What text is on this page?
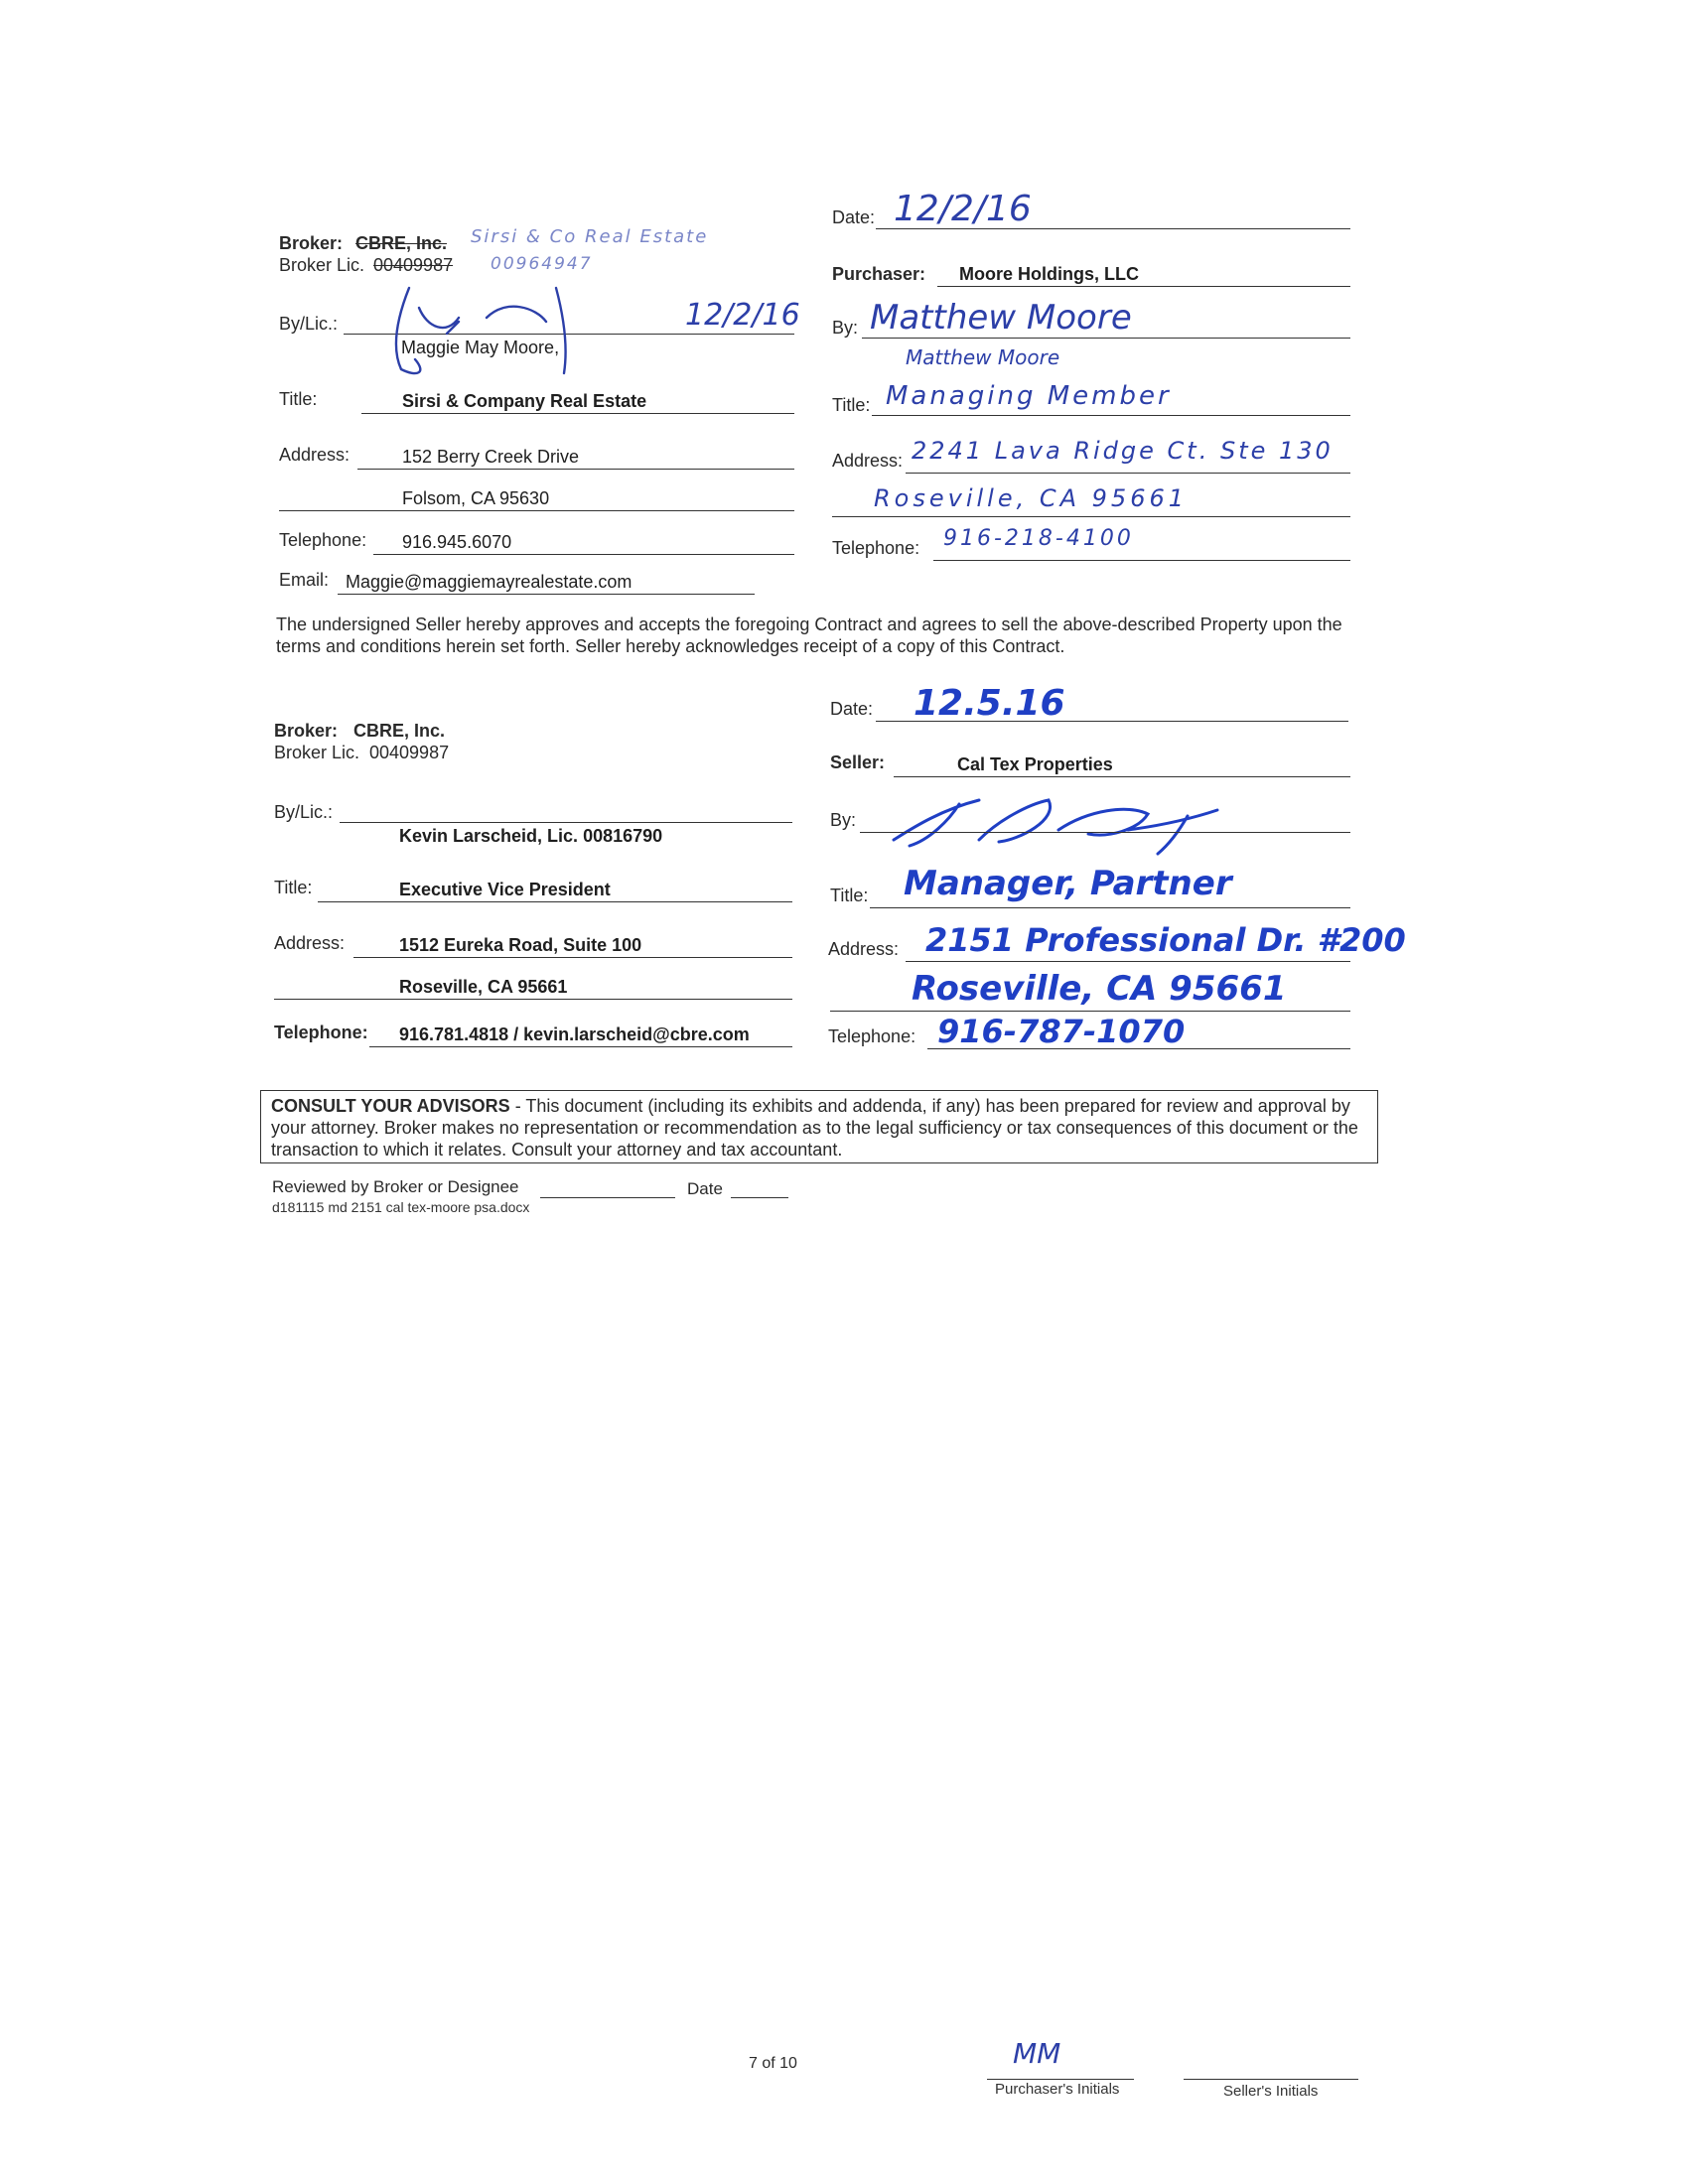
Date: 12/2/16
Purchaser: Moore Holdings, LLC
By: Matthew Moore
Matthew Moore
Title: Managing Member
Address: 2241 Lava Ridge Ct. Ste 130
Roseville, CA 95661
Telephone: 916-218-4100
Broker: CBRE, Inc. Sirsi & Co Real Estate
Broker Lic. 00409987 00964947
By/Lic.:
Maggie May Moore,
12/2/16
Title:	Sirsi & Company Real Estate
Address:	152 Berry Creek Drive
Folsom, CA 95630
Telephone: 916.945.6070
Email: Maggie@maggiemayrealestate.com
The undersigned Seller hereby approves and accepts the foregoing Contract and agrees to sell the above-described Property upon the terms and conditions herein set forth. Seller hereby acknowledges receipt of a copy of this Contract.
Date: 12.5.16
Seller:	Cal Tex Properties
By:
Title: Manager, Partner
Address: 2151 Professional Dr. #200
Roseville, CA 95661
Telephone: 916-787-1070
Broker: CBRE, Inc.
Broker Lic. 00409987
By/Lic.:
Kevin Larscheid, Lic. 00816790
Title:	Executive Vice President
Address:	1512 Eureka Road, Suite 100
Roseville, CA 95661
Telephone: 916.781.4818 / kevin.larscheid@cbre.com
CONSULT YOUR ADVISORS - This document (including its exhibits and addenda, if any) has been prepared for review and approval by your attorney. Broker makes no representation or recommendation as to the legal sufficiency or tax consequences of this document or the transaction to which it relates. Consult your attorney and tax accountant.
Reviewed by Broker or Designee	Date
d181115 md 2151 cal tex-moore psa.docx
7 of 10	MM
Purchaser's Initials	Seller's Initials
